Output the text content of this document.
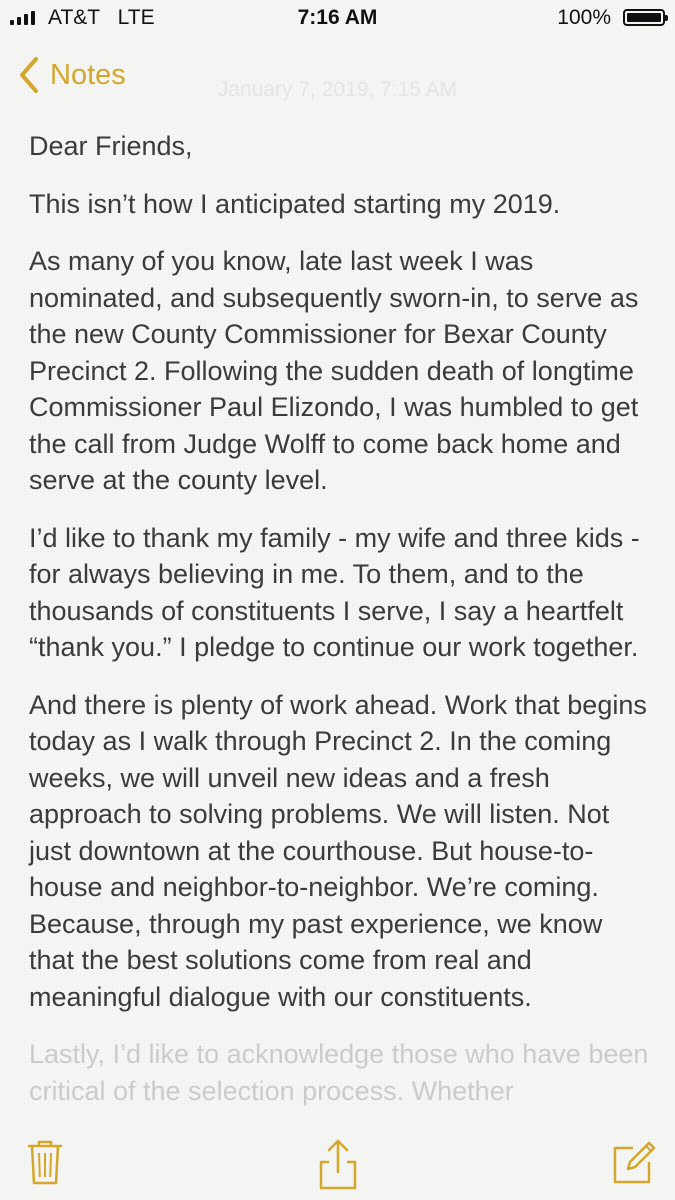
AT&T LTE	7:16 AM	100%
January 7, 2019, 7:15 AM
Notes

Dear Friends,

This isn’t how I anticipated starting my 2019.

As many of you know, late last week I was nominated, and subsequently sworn-in, to serve as the new County Commissioner for Bexar County Precinct 2. Following the sudden death of longtime Commissioner Paul Elizondo, I was humbled to get the call from Judge Wolff to come back home and serve at the county level.

I’d like to thank my family - my wife and three kids - for always believing in me. To them, and to the thousands of constituents I serve, I say a heartfelt “thank you.” I pledge to continue our work together.

And there is plenty of work ahead. Work that begins today as I walk through Precinct 2. In the coming weeks, we will unveil new ideas and a fresh approach to solving problems. We will listen. Not just downtown at the courthouse. But house-to-house and neighbor-to-neighbor. We’re coming. Because, through my past experience, we know that the best solutions come from real and meaningful dialogue with our constituents.

Lastly, I’d like to acknowledge those who have been critical of the selection process. Whether
